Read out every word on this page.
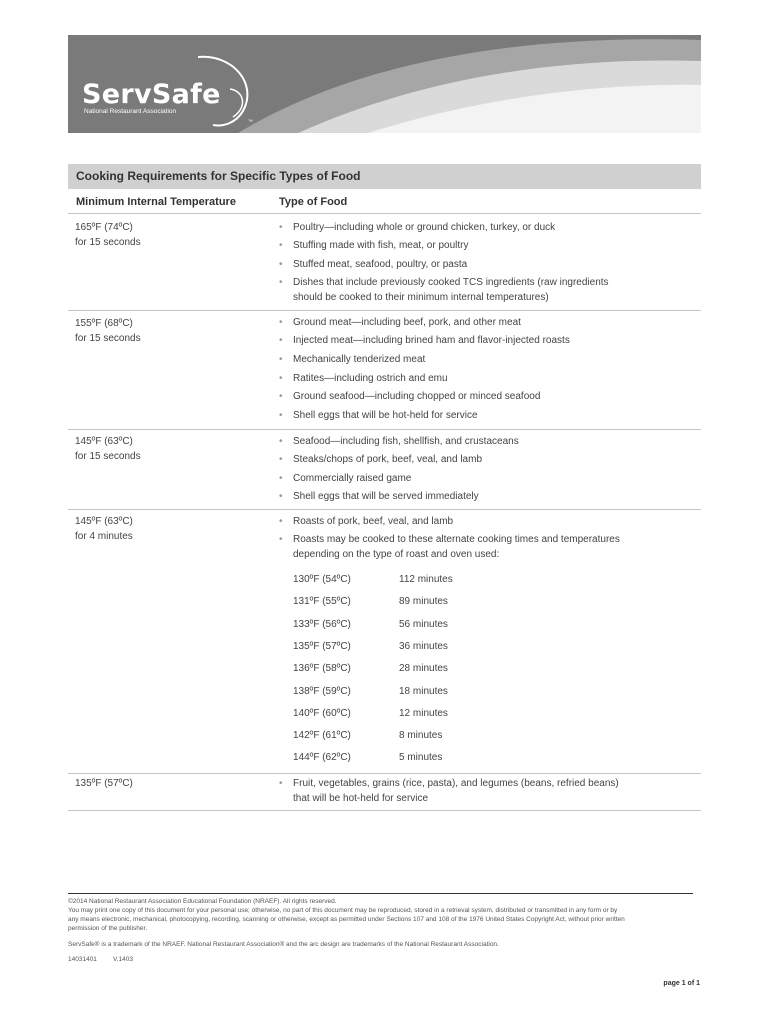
ServSafe
National Restaurant Association
™
Cooking Requirements for Specific Types of Food
Minimum Internal Temperature	Type of Food
165ºF (74ºC)
for 15 seconds
• Poultry—including whole or ground chicken, turkey, or duck
• Stuffing made with fish, meat, or poultry
• Stuffed meat, seafood, poultry, or pasta
• Dishes that include previously cooked TCS ingredients (raw ingredients
should be cooked to their minimum internal temperatures)
155ºF (68ºC)
for 15 seconds
• Ground meat—including beef, pork, and other meat
• Injected meat—including brined ham and flavor-injected roasts
• Mechanically tenderized meat
• Ratites—including ostrich and emu
• Ground seafood—including chopped or minced seafood
• Shell eggs that will be hot-held for service
145ºF (63ºC)
for 15 seconds
• Seafood—including fish, shellfish, and crustaceans
• Steaks/chops of pork, beef, veal, and lamb
• Commercially raised game
• Shell eggs that will be served immediately
145ºF (63ºC)
for 4 minutes
• Roasts of pork, beef, veal, and lamb
• Roasts may be cooked to these alternate cooking times and temperatures
depending on the type of roast and oven used:
130ºF (54ºC)	112 minutes
131ºF (55ºC)	89 minutes
133ºF (56ºC)	56 minutes
135ºF (57ºC)	36 minutes
136ºF (58ºC)	28 minutes
138ºF (59ºC)	18 minutes
140ºF (60ºC)	12 minutes
142ºF (61ºC)	8 minutes
144ºF (62ºC)	5 minutes
135ºF (57ºC)	• Fruit, vegetables, grains (rice, pasta), and legumes (beans, refried beans)
that will be hot-held for service
©2014 National Restaurant Association Educational Foundation (NRAEF). All rights reserved.
You may print one copy of this document for your personal use; otherwise, no part of this document may be reproduced, stored in a retrieval system, distributed or transmitted in any form or by
any means electronic, mechanical, photocopying, recording, scanning or otherwise, except as permitted under Sections 107 and 108 of the 1976 United States Copyright Act, without prior written
permission of the publisher.
ServSafe® is a trademark of the NRAEF. National Restaurant Association® and the arc design are trademarks of the National Restaurant Association.
14031401	V.1403
page 1 of 1
